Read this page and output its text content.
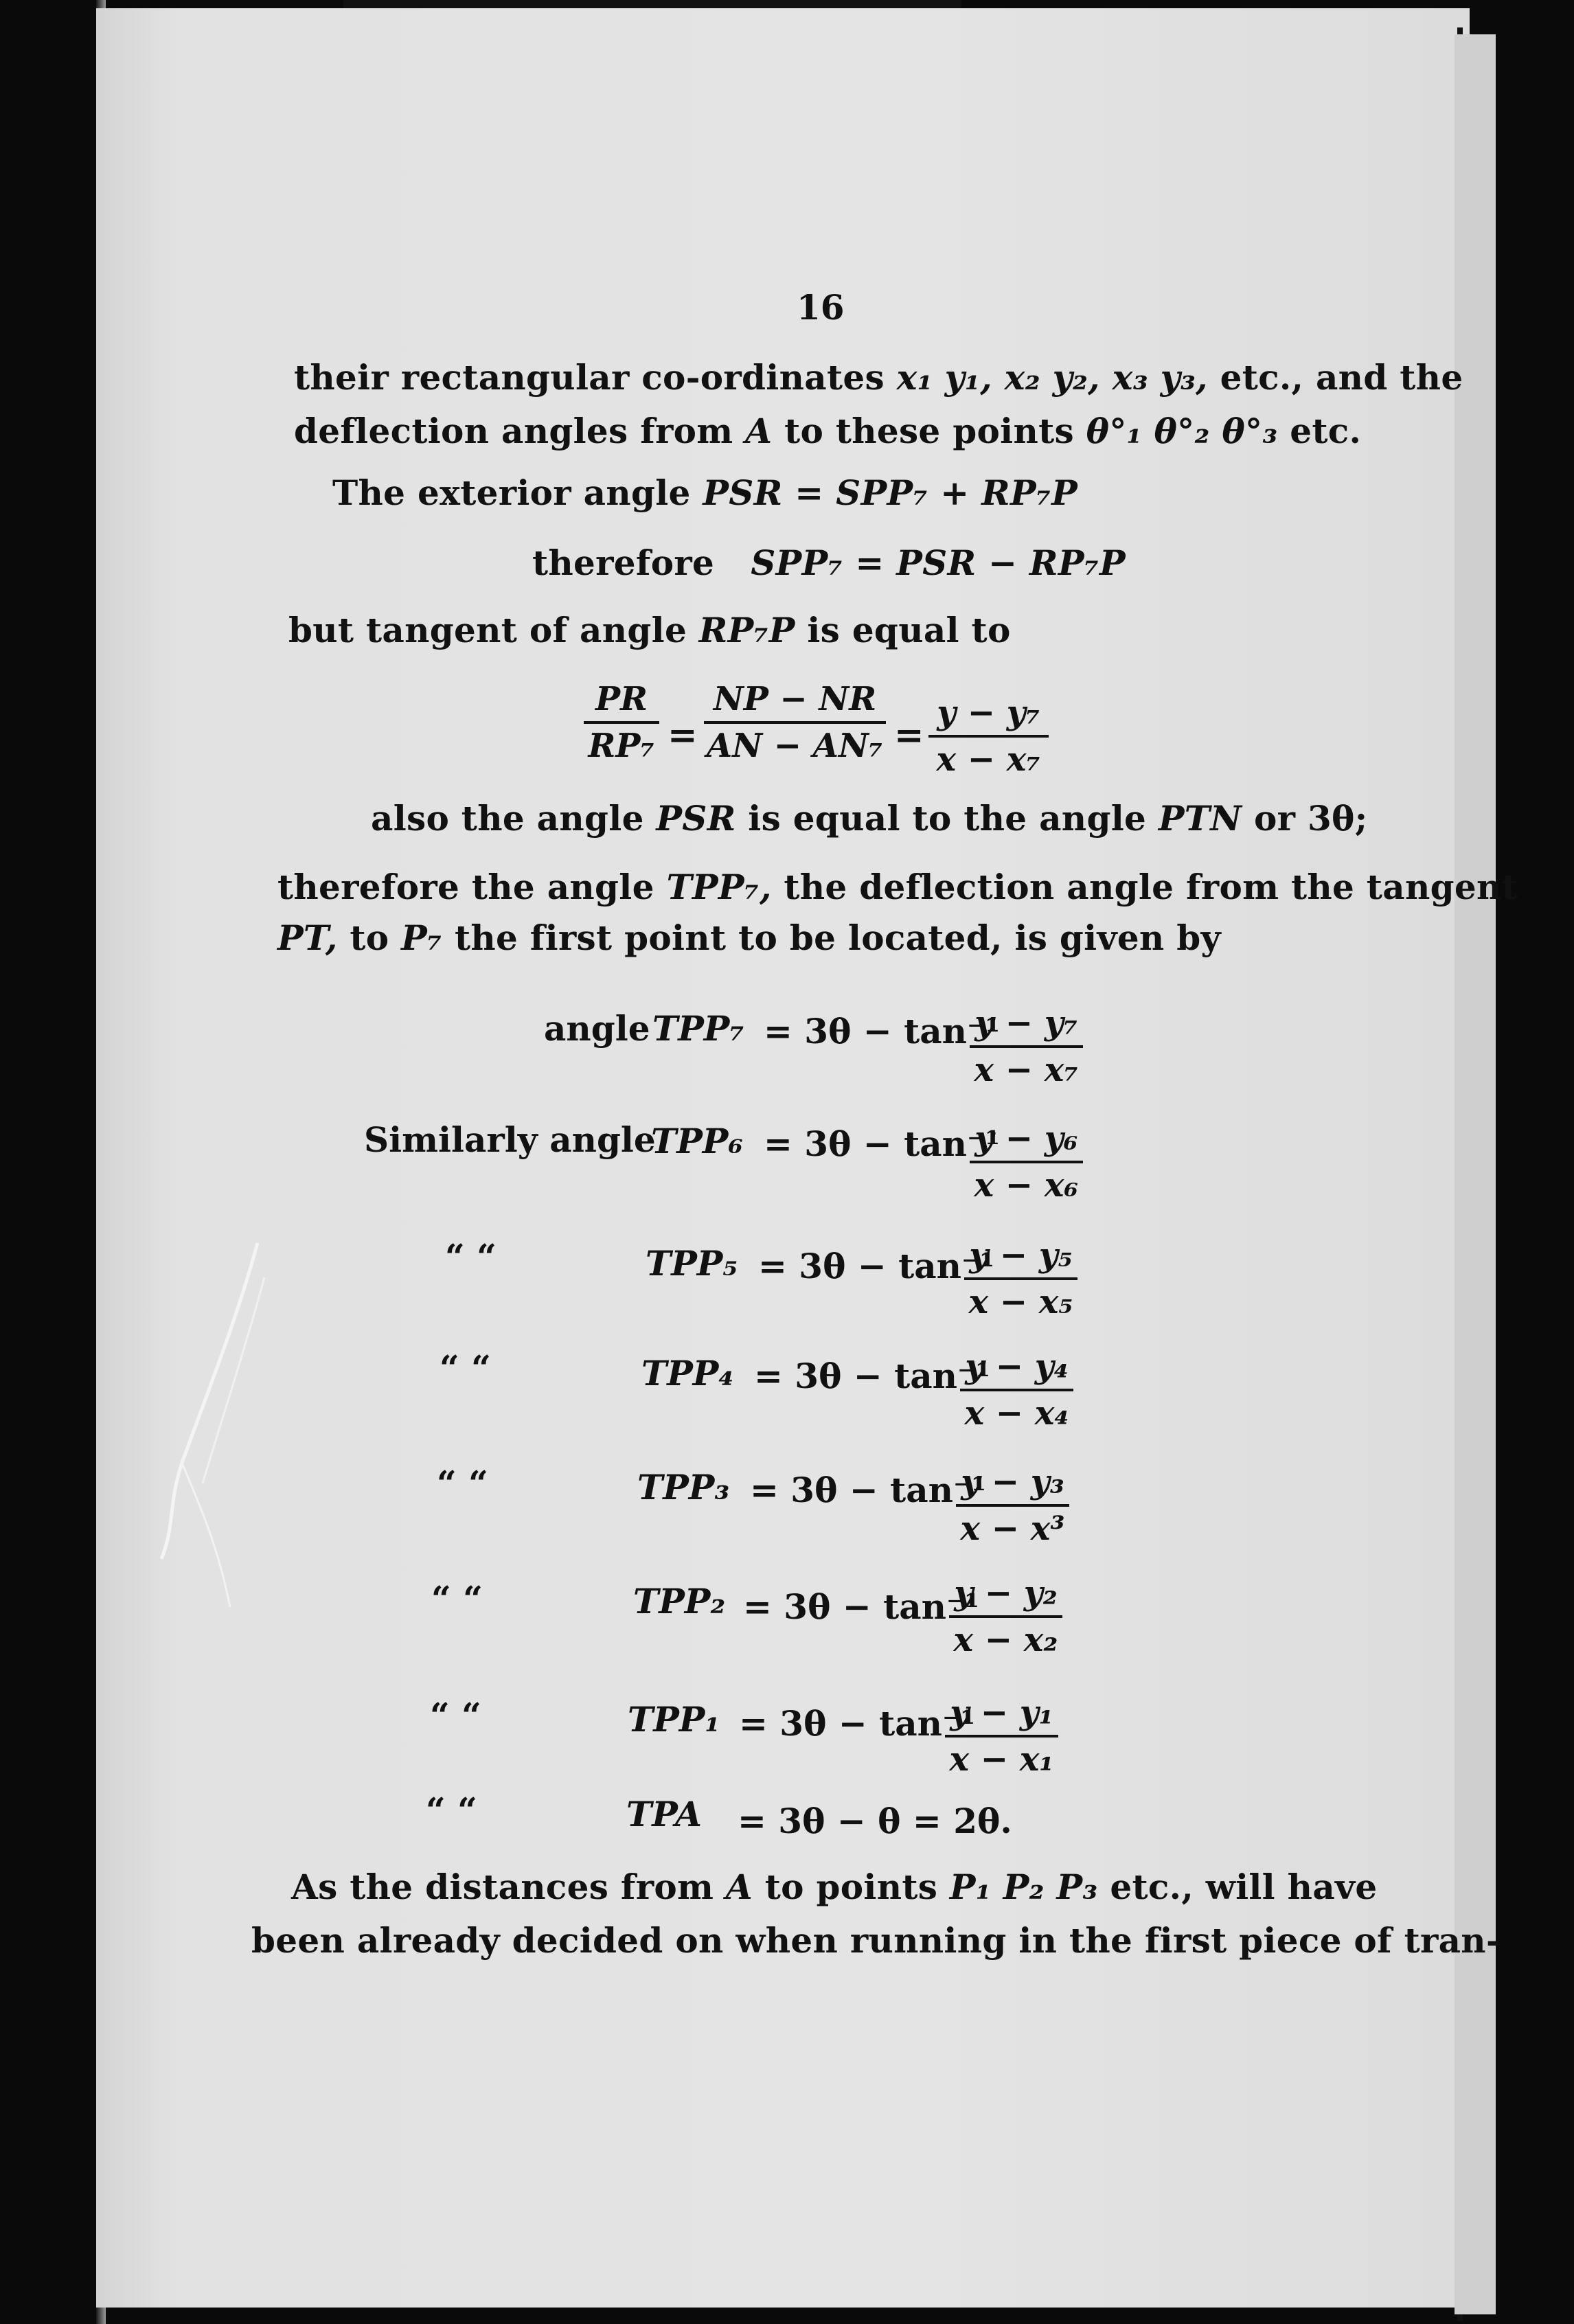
16
their rectangular co-ordinates x₁ y₁, x₂ y₂, x₃ y₃, etc., and the
deflection angles from A to these points θ°₁ θ°₂ θ°₃ etc.
The exterior angle PSR = SPP₇ + RP₇P
therefore SPP₇ = PSR − RP₇P
but tangent of angle RP₇P is equal to
$\frac{PR}{\text{RP₇}} = \frac{NP - NR}{\text{AN − AN₇}} = \frac{\text{y − y₇}}{\text{x − x₇}}$
also the angle PSR is equal to the angle PTN or 3θ;
therefore the angle TPP₇, the deflection angle from the tangent
PT, to P₇ the first point to be located, is given by
angle TPP₇ = 3θ − tan⁻¹
$\frac{\text{y − y₇}}{\text{x − x₇}}$
Similarly angle
TPP₆ = 3θ − tan⁻¹
$\frac{\text{y − y₆}}{\text{x − x₆}}$
“ “	TPP₅ = 3θ − tan⁻¹
$\frac{\text{y − y₅}}{\text{x − x₅}}$
“ “	TPP₄ = 3θ − tan⁻¹
$\frac{\text{y − y₄}}{\text{x − x₄}}$
“ “	TPP₃ = 3θ − tan⁻¹
$\frac{\text{y − y₃}}{\text{x − x³}}$
“ “	TPP₂ = 3θ − tan⁻¹
$\frac{\text{y − y₂}}{\text{x − x₂}}$
“ “	TPP₁ = 3θ − tan⁻¹
$\frac{\text{y − y₁}}{\text{x − x₁}}$
“ “	TPA = 3θ − θ = 2θ.
As the distances from A to points P₁ P₂ P₃ etc., will have
been already decided on when running in the first piece of tran-
